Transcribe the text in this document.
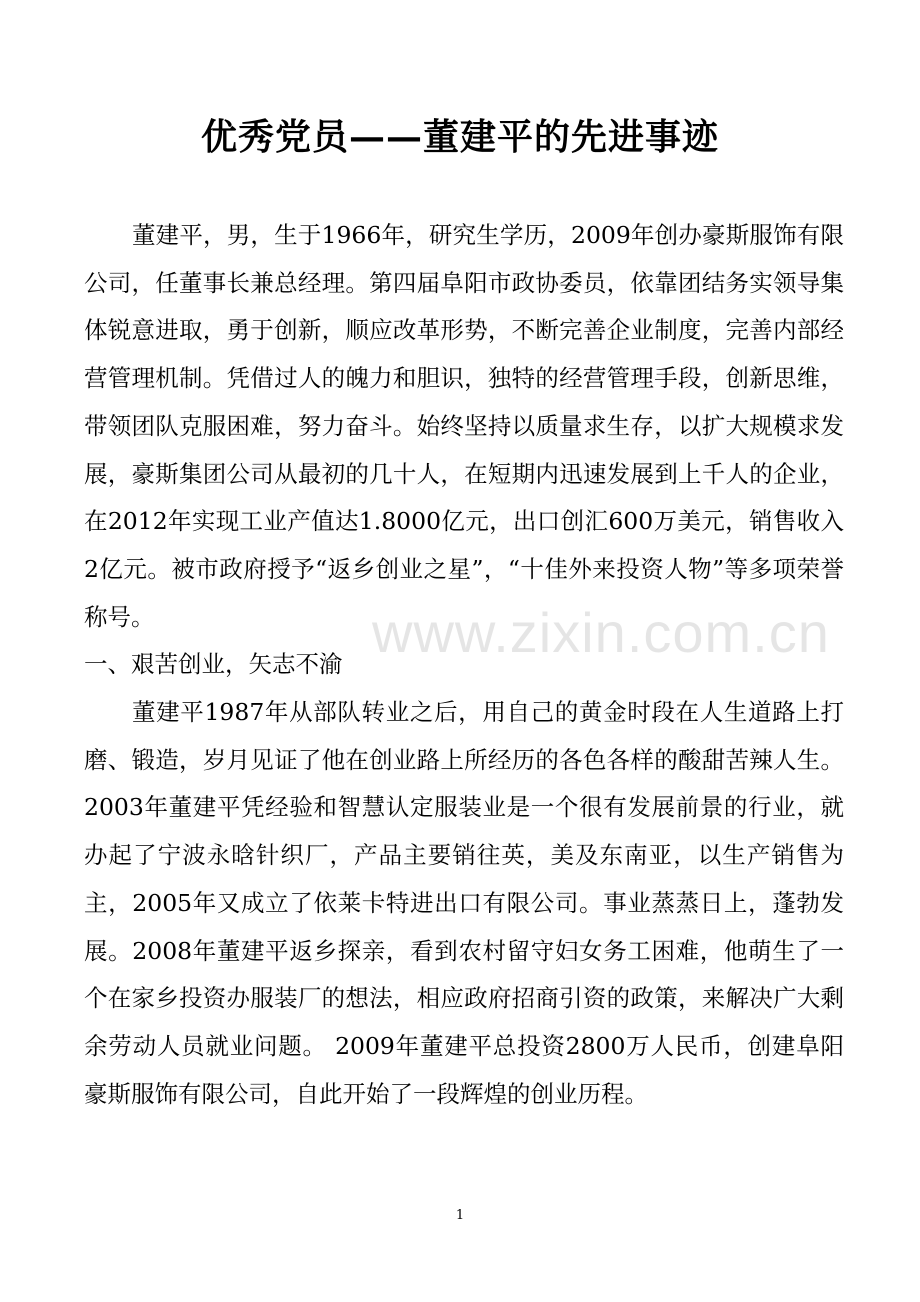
优秀党员——董建平的先进事迹

董建平，男，生于1966年，研究生学历，2009年创办豪斯服饰有限公司，任董事长兼总经理。第四届阜阳市政协委员，依靠团结务实领导集体锐意进取，勇于创新，顺应改革形势，不断完善企业制度，完善内部经营管理机制。凭借过人的魄力和胆识，独特的经营管理手段，创新思维，带领团队克服困难，努力奋斗。始终坚持以质量求生存，以扩大规模求发展，豪斯集团公司从最初的几十人，在短期内迅速发展到上千人的企业，在2012年实现工业产值达1.8000亿元，出口创汇600万美元，销售收入2亿元。被市政府授予“返乡创业之星”，“十佳外来投资人物”等多项荣誉称号。	www.zixin.com.cn

一、艰苦创业，矢志不渝

董建平1987年从部队转业之后，用自己的黄金时段在人生道路上打磨、锻造，岁月见证了他在创业路上所经历的各色各样的酸甜苦辣人生。2003年董建平凭经验和智慧认定服装业是一个很有发展前景的行业，就办起了宁波永晗针织厂，产品主要销往英，美及东南亚，以生产销售为主，2005年又成立了依莱卡特进出口有限公司。事业蒸蒸日上，蓬勃发展。2008年董建平返乡探亲，看到农村留守妇女务工困难，他萌生了一个在家乡投资办服装厂的想法，相应政府招商引资的政策，来解决广大剩余劳动人员就业问题。 2009年董建平总投资2800万人民币，创建阜阳豪斯服饰有限公司，自此开始了一段辉煌的创业历程。

1
